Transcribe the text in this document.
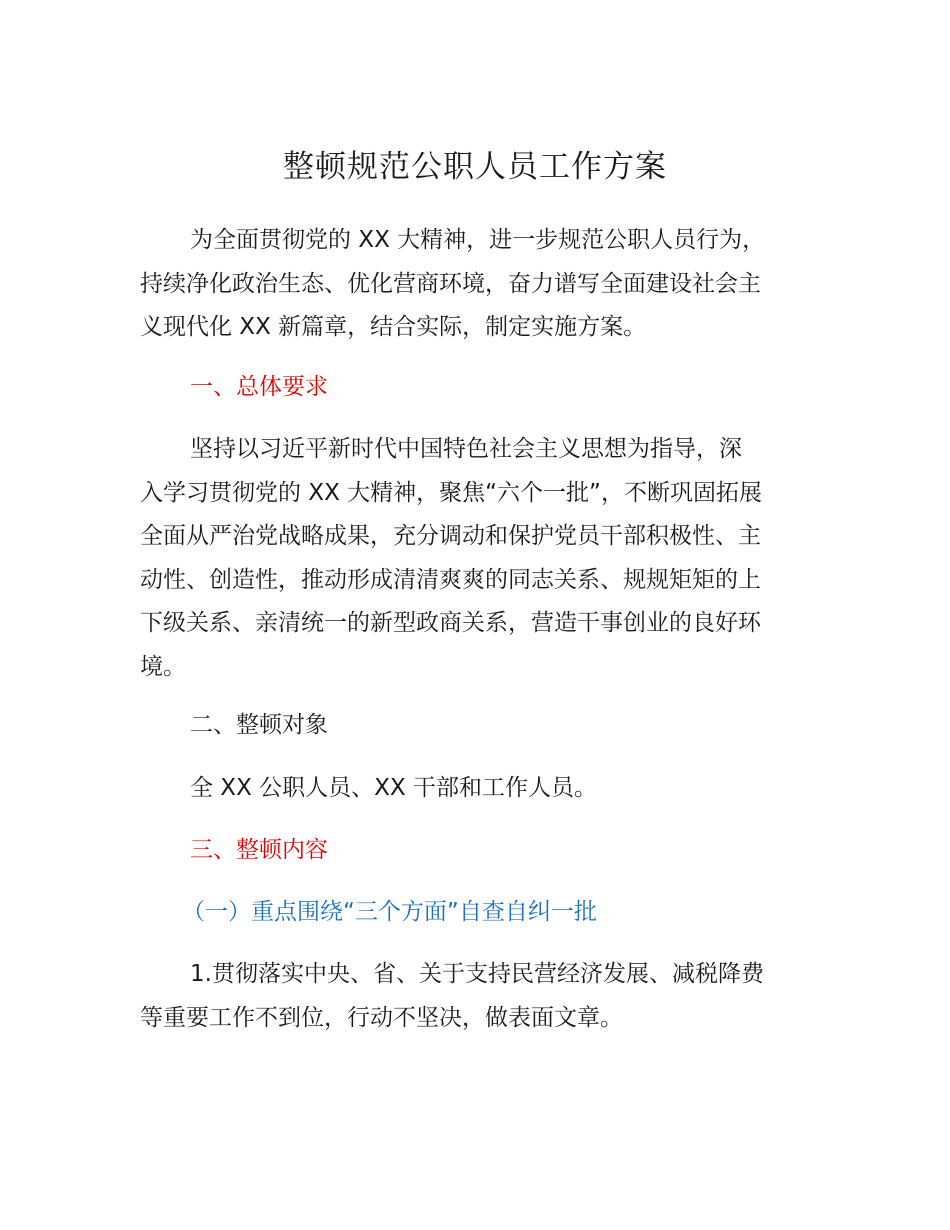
整顿规范公职人员工作方案
为全面贯彻党的 XX 大精神，进一步规范公职人员行为，
持续净化政治生态、优化营商环境，奋力谱写全面建设社会主
义现代化 XX 新篇章，结合实际，制定实施方案。
一、总体要求
坚持以习近平新时代中国特色社会主义思想为指导，深
入学习贯彻党的 XX 大精神，聚焦“六个一批”，不断巩固拓展
全面从严治党战略成果，充分调动和保护党员干部积极性、主
动性、创造性，推动形成清清爽爽的同志关系、规规矩矩的上
下级关系、亲清统一的新型政商关系，营造干事创业的良好环
境。
二、整顿对象
全 XX 公职人员、XX 干部和工作人员。
三、整顿内容
（一）重点围绕“三个方面”自查自纠一批
1.贯彻落实中央、省、关于支持民营经济发展、减税降费
等重要工作不到位，行动不坚决，做表面文章。
